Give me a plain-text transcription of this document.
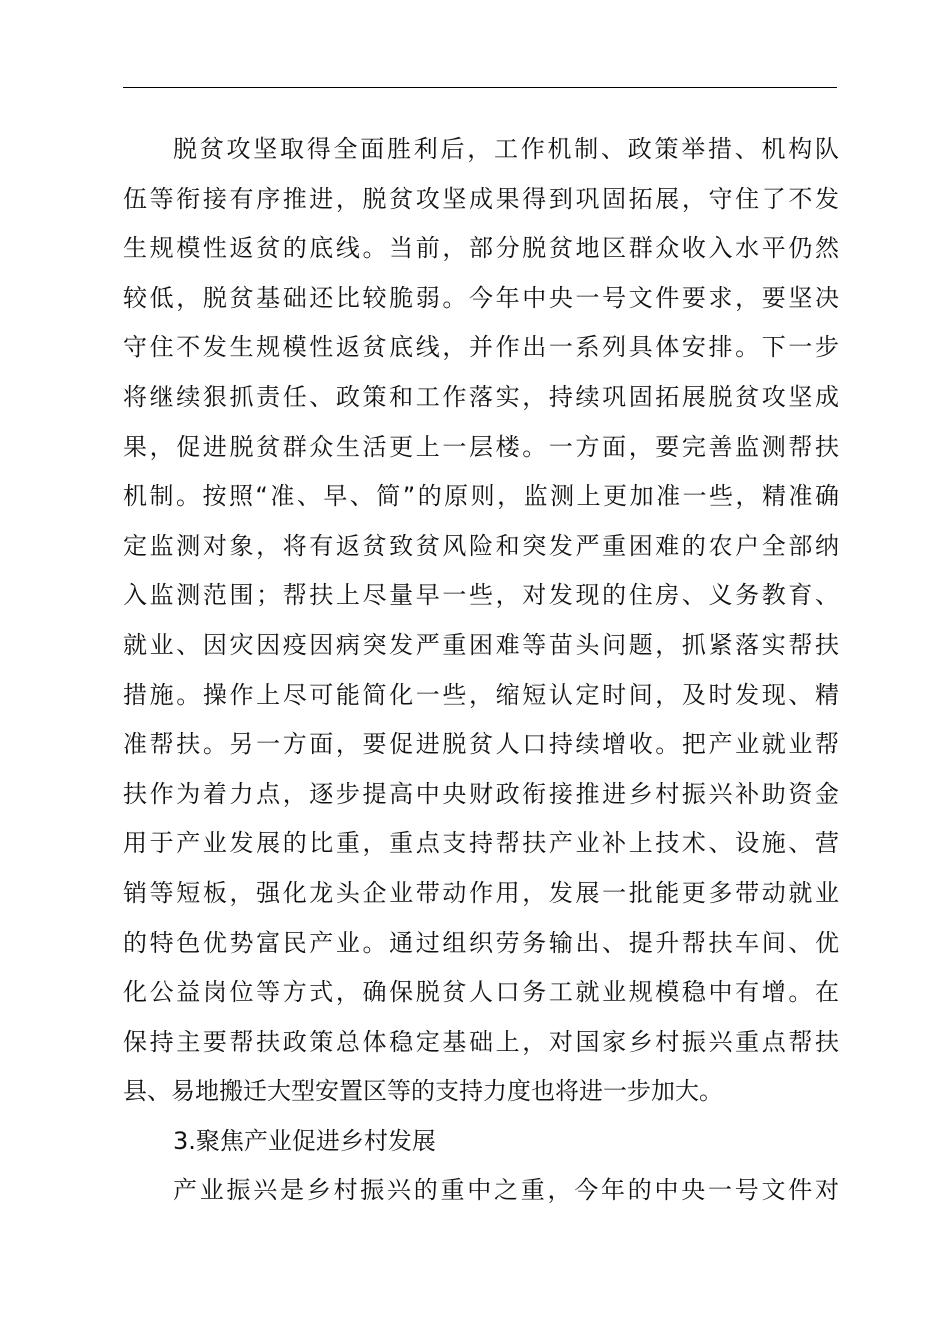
脱贫攻坚取得全面胜利后，工作机制、政策举措、机构队
伍等衔接有序推进，脱贫攻坚成果得到巩固拓展，守住了不发
生规模性返贫的底线。当前，部分脱贫地区群众收入水平仍然
较低，脱贫基础还比较脆弱。今年中央一号文件要求，要坚决
守住不发生规模性返贫底线，并作出一系列具体安排。下一步
将继续狠抓责任、政策和工作落实，持续巩固拓展脱贫攻坚成
果，促进脱贫群众生活更上一层楼。一方面，要完善监测帮扶
机制。按照“准、早、简”的原则，监测上更加准一些，精准确
定监测对象，将有返贫致贫风险和突发严重困难的农户全部纳
入监测范围；帮扶上尽量早一些，对发现的住房、义务教育、
就业、因灾因疫因病突发严重困难等苗头问题，抓紧落实帮扶
措施。操作上尽可能简化一些，缩短认定时间，及时发现、精
准帮扶。另一方面，要促进脱贫人口持续增收。把产业就业帮
扶作为着力点，逐步提高中央财政衔接推进乡村振兴补助资金
用于产业发展的比重，重点支持帮扶产业补上技术、设施、营
销等短板，强化龙头企业带动作用，发展一批能更多带动就业
的特色优势富民产业。通过组织劳务输出、提升帮扶车间、优
化公益岗位等方式，确保脱贫人口务工就业规模稳中有增。在
保持主要帮扶政策总体稳定基础上，对国家乡村振兴重点帮扶
县、易地搬迁大型安置区等的支持力度也将进一步加大。
3.聚焦产业促进乡村发展
产业振兴是乡村振兴的重中之重，今年的中央一号文件对
